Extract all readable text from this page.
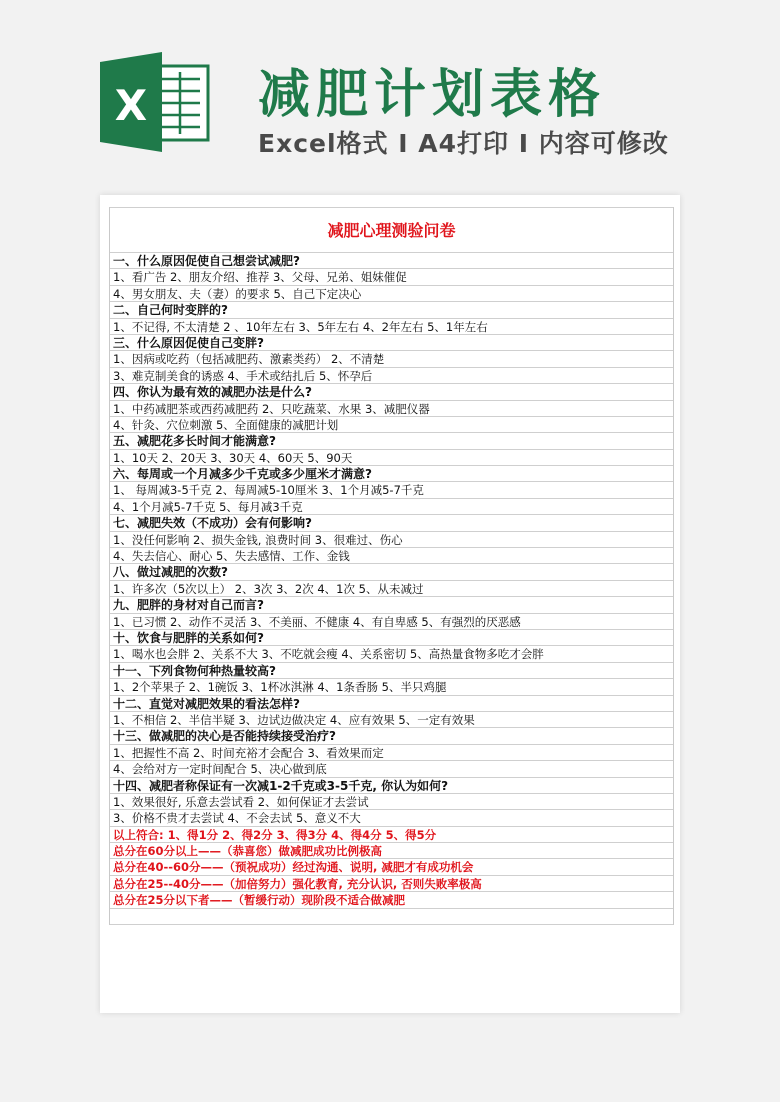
X 减肥计划表格
Excel格式 I A4打印 I 内容可修改
减肥心理测验问卷
一、什么原因促使自己想尝试减肥?
1、看广告 2、朋友介绍、推荐 3、父母、兄弟、姐妹催促
4、男女朋友、夫（妻）的要求 5、自己下定决心
二、自己何时变胖的?
1、不记得, 不太清楚 2 、10年左右 3、5年左右 4、2年左右 5、1年左右
三、什么原因促使自己变胖?
1、因病或吃药（包括减肥药、激素类药） 2、不清楚
3、难克制美食的诱惑 4、手术或结扎后 5、怀孕后
四、你认为最有效的减肥办法是什么?
1、中药减肥茶或西药减肥药 2、只吃蔬菜、水果 3、减肥仪器
4、针灸、穴位刺激 5、全面健康的减肥计划
五、减肥花多长时间才能满意?
1、10天 2、20天 3、30天 4、60天 5、90天
六、每周或一个月减多少千克或多少厘米才满意?
1、 每周减3-5千克 2、每周减5-10厘米 3、1个月减5-7千克
4、1个月减5-7千克 5、每月减3千克
七、减肥失效（不成功）会有何影响?
1、没任何影响 2、损失金钱, 浪费时间 3、很难过、伤心
4、失去信心、耐心 5、失去感情、工作、金钱
八、做过减肥的次数?
1、许多次（5次以上） 2、3次 3、2次 4、1次 5、从未减过
九、肥胖的身材对自己而言?
1、已习惯 2、动作不灵活 3、不美丽、不健康 4、有自卑感 5、有强烈的厌恶感
十、饮食与肥胖的关系如何?
1、喝水也会胖 2、关系不大 3、不吃就会瘦 4、关系密切 5、高热量食物多吃才会胖
十一、下列食物何种热量较高?
1、2个苹果子 2、1碗饭 3、1杯冰淇淋 4、1条香肠 5、半只鸡腿
十二、直觉对减肥效果的看法怎样?
1、不相信 2、半信半疑 3、边试边做决定 4、应有效果 5、一定有效果
十三、做减肥的决心是否能持续接受治疗?
1、把握性不高 2、时间充裕才会配合 3、看效果而定
4、会给对方一定时间配合 5、决心做到底
十四、减肥者称保证有一次减1-2千克或3-5千克, 你认为如何?
1、效果很好, 乐意去尝试看 2、如何保证才去尝试
3、价格不贵才去尝试 4、不会去试 5、意义不大
以上符合: 1、得1分 2、得2分 3、得3分 4、得4分 5、得5分
总分在60分以上——（恭喜您）做减肥成功比例极高
总分在40--60分——（预祝成功）经过沟通、说明, 减肥才有成功机会
总分在25--40分——（加倍努力）强化教育, 充分认识, 否则失败率极高
总分在25分以下者——（暂缓行动）现阶段不适合做减肥
